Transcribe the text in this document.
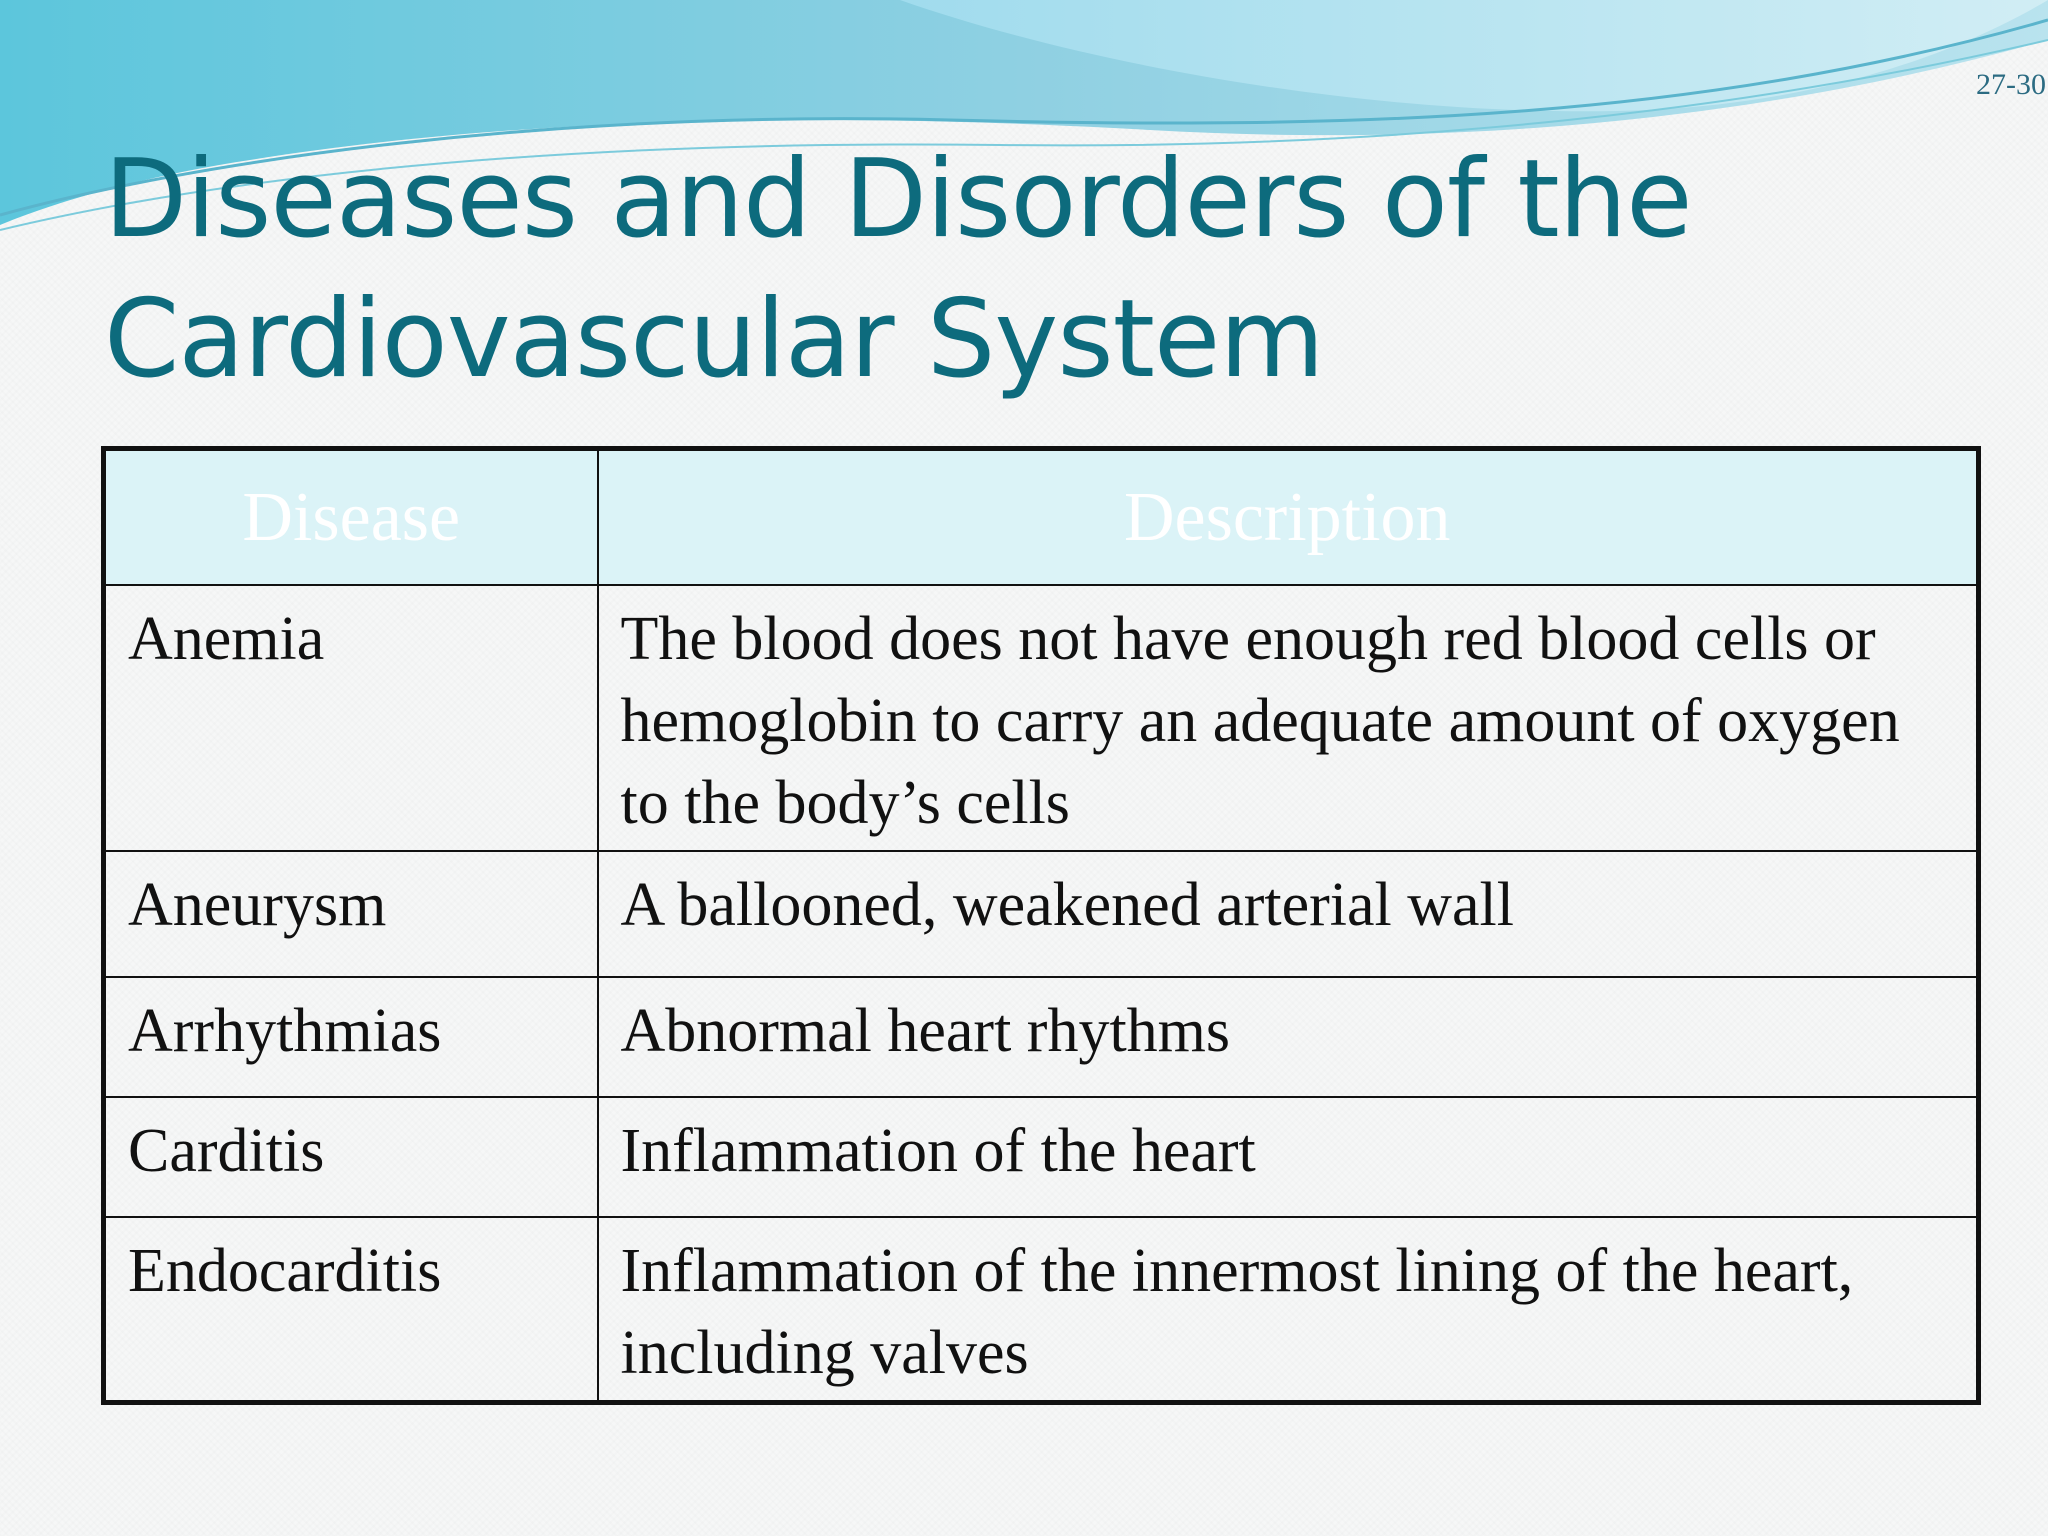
27-30
Diseases and Disorders of the
Cardiovascular System
Disease	Description
Anemia	The blood does not have enough red blood cells or hemoglobin to carry an adequate amount of oxygen to the body’s cells
Aneurysm	A ballooned, weakened arterial wall
Arrhythmias	Abnormal heart rhythms
Carditis	Inflammation of the heart
Endocarditis	Inflammation of the innermost lining of the heart, including valves
